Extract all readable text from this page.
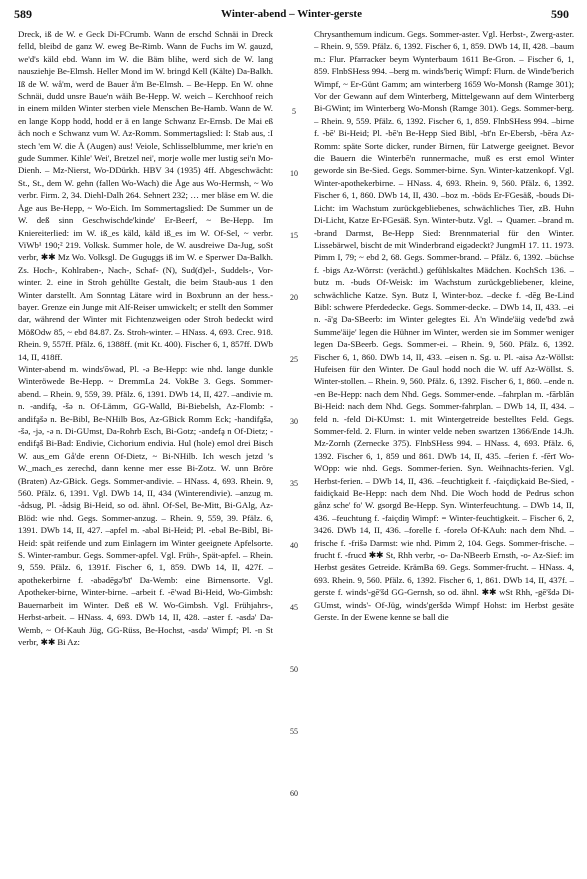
589	Winter-abend – Winter-gerste	590

Dreck, iß de W. e Geck Di-FCrumb. Wann de erschd Schnäi in Dreck felld, bleibd de ganz W. eweg Be-Rimb. Wann de Fuchs im W. gauzd, we'd's käld ebd. Wann im W. die Bäm blihe, werd sich de W. lang nausziehje Be-Elmsh. Heller Mond im W. bringd Kell (Kälte) Da-Balkh. Iß de W. wå'm, werd de Bauer å'm Be-Elmsh. – Be-Hepp. En W. ohne Schnäi, dudd unsre Baue'n wäih Be-Hepp. W. weich – Kerchhoof reich in einem milden Winter sterben viele Menschen Be-Hamb. Wann de W. en lange Kopp hodd, hodd er ä en lange Schwanz Er-Ernsb. De Mai eß äch noch e Schwanz vum W. Az-Romm. Sommertagslied: I: Stab aus, :I stech 'em W. die Å (Augen) aus! Veiole, Schlisselblumme, mer krie'n en gude Summer. Kihle' Wei', Bretzel nei', morje wolle mer lustig sei'n Mo-Dienh. – Mz-Nierst, Wo-DDürkh. HBV 34 (1935) 4ff. Abgeschwächt: St., St., dem W. gehn (fallen Wo-Wach) die Åge aus Wo-Hermsh, ~ Wo verbr. Firm. 2, 34. Diehl-Dalh 264. Sehnert 232; … mer bläse em W. die Åge aus Be-Hepp, ~ Wo-Eich. Im Sommertagslied: De Summer un de W. deß sinn Geschwischde'kinde' Er-Beerf, ~ Be-Hepp. Im Kniereiterlied: im W. iß_es käld, käld iß_es im W. Of-Sel, ~ verbr. ViWb¹ 190;² 219. Volksk. Summer hole, de W. ausdreiwe Da-Jug, soSt verbr, ✱✱ Mz Wo. Volksgl. De Guguggs iß im W. e Sperwer Da-Balkh. Zs. Hoch-, Kohlraben-, Nach-, Schaf- (N), Sud(d)el-, Suddels-, Vor-winter. 2. eine in Stroh gehüllte Gestalt, die beim Staub-aus 1 den Winter darstellt. Am Sonntag Lätare wird in Boxbrunn an der hess.-bayer. Grenze ein Junge mit Alf-Reiser umwickelt; er stellt den Sommer dar, während der Winter mit Fichtenzweigen oder Stroh bedeckt wird MößOdw 85, ~ ebd 84.87. Zs. Stroh-winter. – HNass. 4, 693. Crec. 918. Rhein. 9, 557ff. Pfälz. 6, 1388ff. (mit Kt. 400). Fischer 6, 1, 857ff. DWb 14, II, 418ff.

Winter-abend m. winds'ōwad, Pl. -ə Be-Hepp: wie nhd. lange dunkle Winteröwede Be-Hepp. ~ DremmLa 24. VokBe 3. Gegs. Sommer-abend. – Rhein. 9, 559, 39. Pfälz. 6, 1391. DWb 14, II, 427. –andivie m. n. -andifḁ, -šə n. Of-Lämm, GG-Walld, Bi-Biebelsh, Az-Flomb: -andifḁšə n. Be-Bibl, Be-NHilb Bos, Az-GBick Romm Eck; -handifḁšə, -šə, -jə, -ə n. Di-GUmst, Da-Rohrb Esch, Bi-Gotz; -andefḁ n Of-Dietz; -endifḁš Bi-Bad: Endivie, Cichorium endivia. Hul (hole) emol drei Bisch W. aus_em Gå'de erenn Of-Dietz, ~ Bi-NHilb. Ich wesch jetzd 's W._mach_es zerechd, dann kenne mer esse Bi-Zotz. W. unn Bröre (Braten) Az-GBick. Gegs. Sommer-andivie. – HNass. 4, 693. Rhein. 9, 560. Pfälz. 6, 1391. Vgl. DWb 14, II, 434 (Winterendivie). –anzug m. -ådsug, Pl. -ådsig Bi-Heid, so od. ähnl. Of-Sel, Be-Mitt, Bi-GAlg, Az-Blöd: wie nhd. Gegs. Sommer-anzug. – Rhein. 9, 559, 39. Pfälz. 6, 1391. DWb 14, II, 427. –apfel m. -abəl Bi-Heid; Pl. -ebəl Be-Bibl, Bi-Heid: spät reifende und zum Einlagern im Winter geeignete Apfelsorte. S. Winter-rambur. Gegs. Sommer-apfel. Vgl. Früh-, Spät-apfel. – Rhein. 9, 559. Pfälz. 6, 1391f. Fischer 6, 1, 859. DWb 14, II, 427f. –apothekerbirne f. -abədēgə'bī' Da-Wemb: eine Birnensorte. Vgl. Apotheker-birne, Winter-birne. –arbeit f. -ē'wad Bi-Heid, Wo-Gimbsh: Bauernarbeit im Winter. Deß eß W. Wo-Gimbsh. Vgl. Frühjahrs-, Herbst-arbeit. – HNass. 4, 693. DWb 14, II, 428. –aster f. -asdə' Da-Wemb, ~ Of-Kauh Jüg, GG-Rüss, Be-Hochst, -asdə' Wimpf; Pl. -n St verbr, ✱✱ Bi Az:

5
10
15
20
25
30
35
40
45
50
55
60

Chrysanthemum indicum. Gegs. Sommer-aster. Vgl. Herbst-, Zwerg-aster. – Rhein. 9, 559. Pfälz. 6, 1392. Fischer 6, 1, 859. DWb 14, II, 428. –baum m.: Flur. Pfarracker beym Wynterbaum 1611 Be-Gron. – Fischer 6, 1, 859. FlnbSHess 994. –berg m. winds'beriç Wimpf: Flurn. de Winde'berich Wimpf, ~ Er-Günt Gamm; am winterberg 1659 Wo-Monsh (Ramge 301); Vor der Gewann auf dem Winterberg, Mittelgewann auf dem Winterberg Bi-GWint; im Winterberg Wo-Monsh (Ramge 301). Gegs. Sommer-berg. – Rhein. 9, 559. Pfälz. 6, 1392. Fischer 6, 1, 859. FlnbSHess 994. –birne f. -bē' Bi-Heid; Pl. -bē'n Be-Hepp Sied Bibl, -bī'n Er-Ebersb, -bēra Az-Romm: späte Sorte dicker, runder Birnen, für Latwerge geeignet. Bevor die Bauern die Winterbē'n runnermache, muß es erst emol Winter geworde sin Be-Sied. Gegs. Sommer-birne. Syn. Winter-katzenkopf. Vgl. Winter-apothekerbirne. – HNass. 4, 693. Rhein. 9, 560. Pfälz. 6, 1392. Fischer 6, 1, 860. DWb 14, II, 430. –boz m. -böds Er-FGesäß, -bouds Di-Licht: im Wachstum zurückgebliebenes, schwächliches Tier, zB. Huhn Di-Licht, Katze Er-FGesäß. Syn. Winter-butz. Vgl. → Quamer. –brand m. -brand Darmst, Be-Hepp Sied: Brennmaterial für den Winter. Lissebärwel, bischt de mit Winderbrand eigədeckt? JungmH 17. 11. 1973. Pimm I, 79; ~ ebd 2, 68. Gegs. Sommer-brand. – Pfälz. 6, 1392. –büchse f. -bigs Az-Wörrst: (verächtl.) gefühlskaltes Mädchen. KochSch 136. –butz m. -buds Of-Weisk: im Wachstum zurückgebliebener, kleine, schwächliche Katze. Syn. Butz I, Winter-boz. –decke f. -dēg Be-Lind Bibl: schwere Pferdedecke. Gegs. Sommer-decke. – DWb 14, II, 433. –ei n. -ā'g Da-SBeerb: im Winter gelegtes Ei. Å'n Winde'äig vede'bd zwå Summe'äije' legen die Hühner im Winter, werden sie im Sommer weniger legen Da-SBeerb. Gegs. Sommer-ei. – Rhein. 9, 560. Pfälz. 6, 1392. Fischer 6, 1, 860. DWb 14, II, 433. –eisen n. Sg. u. Pl. -aisə Az-Wöllst: Hufeisen für den Winter. De Gaul hodd noch die W. uff Az-Wöllst. S. Winter-stollen. – Rhein. 9, 560. Pfälz. 6, 1392. Fischer 6, 1, 860. –ende n. -en Be-Hepp: nach dem Nhd. Gegs. Sommer-ende. –fahrplan m. -fārblān Bi-Heid: nach dem Nhd. Gegs. Sommer-fahrplan. – DWb 14, II, 434. –feld n. -feld Di-KUmst: 1. mit Wintergetreide bestelltes Feld. Gegs. Sommer-feld. 2. Flurn. in winter velde neben swartzen 1366/Ende 14.Jh. Mz-Zornh (Zernecke 375). FlnbSHess 994. – HNass. 4, 693. Pfälz. 6, 1392. Fischer 6, 1, 859 und 861. DWb 14, II, 435. –ferien f. -fērī Wo-WOpp: wie nhd. Gegs. Sommer-ferien. Syn. Weihnachts-ferien. Vgl. Herbst-ferien. – DWb 14, II, 436. –feuchtigkeit f. -faiçdiçkaid Be-Sied, -faidiçkaid Be-Hepp: nach dem Nhd. Die Woch hodd de Pedrus schon gånz sche' fo' W. gsorgd Be-Hepp. Syn. Winterfeuchtung. – DWb 14, II, 436. –feuchtung f. -faiçdiŋ Wimpf: = Winter-feuchtigkeit. – Fischer 6, 2, 3426. DWb 14, II, 436. –forelle f. -forelə Of-KAuh: nach dem Nhd. –frische f. -frišə Darmst: wie nhd. Pimm 2, 104. Gegs. Sommer-frische. –frucht f. -frucd ✱✱ St, Rhh verbr, -o- Da-NBeerb Ernsth, -o- Az-Sief: im Herbst gesätes Getreide. KrämBa 69. Gegs. Sommer-frucht. – HNass. 4, 693. Rhein. 9, 560. Pfälz. 6, 1392. Fischer 6, 1, 861. DWb 14, II, 437f. –gerste f. winds'-gē'šd GG-Gernsh, so od. ähnl. ✱✱ wSt Rhh, -gē'šdə Di-GUmst, winds'- Of-Jüg, winds'geršdə Wimpf Hohst: im Herbst gesäte Gerste. In der Ewene kenne se ball die
